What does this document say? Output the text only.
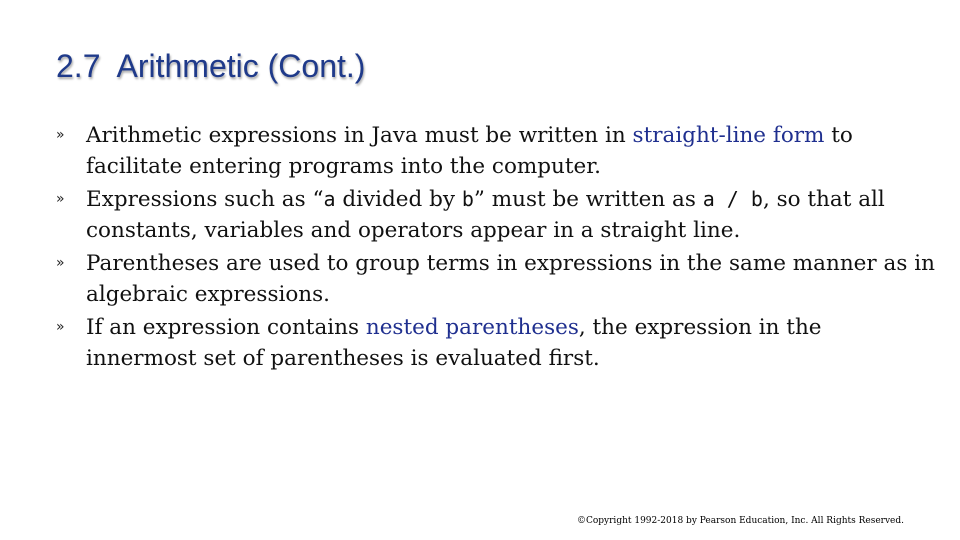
2.7 Arithmetic (Cont.)
» Arithmetic expressions in Java must be written in straight-line form to facilitate entering programs into the computer.
» Expressions such as “a divided by b” must be written as a / b, so that all constants, variables and operators appear in a straight line.
» Parentheses are used to group terms in expressions in the same manner as in algebraic expressions.
» If an expression contains nested parentheses, the expression in the innermost set of parentheses is evaluated first.
©Copyright 1992-2018 by Pearson Education, Inc. All Rights Reserved.
